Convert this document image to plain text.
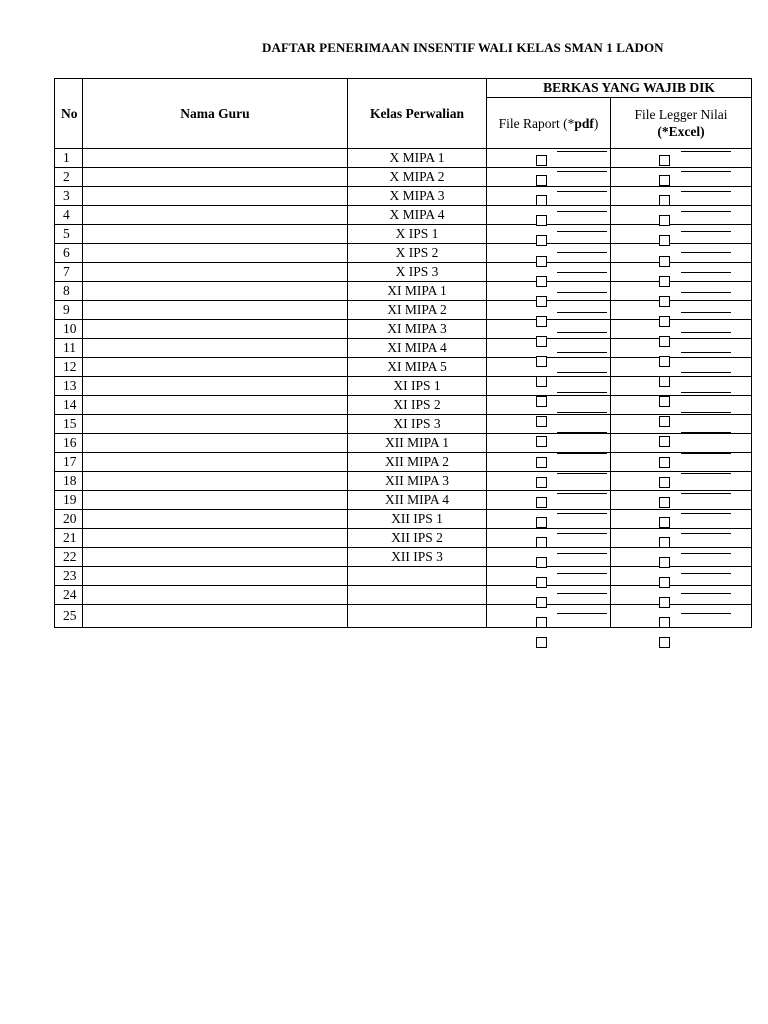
DAFTAR PENERIMAAN INSENTIF WALI KELAS SMAN 1 LADON
No	Nama Guru	Kelas Perwalian	BERKAS YANG WAJIB DIK	
			File Raport (*pdf)	File Legger Nilai
(*Excel)
1		X MIPA 1		
2		X MIPA 2		
3		X MIPA 3		
4		X MIPA 4		
5		X IPS 1		
6		X IPS 2		
7		X IPS 3		
8		XI MIPA 1		
9		XI MIPA 2		
10		XI MIPA 3		
11		XI MIPA 4		
12		XI MIPA 5		
13		XI IPS 1		
14		XI IPS 2		
15		XI IPS 3		
16		XII MIPA 1		
17		XII MIPA 2		
18		XII MIPA 3		
19		XII MIPA 4		
20		XII IPS 1		
21		XII IPS 2		
22		XII IPS 3		
23				
24				
25				
